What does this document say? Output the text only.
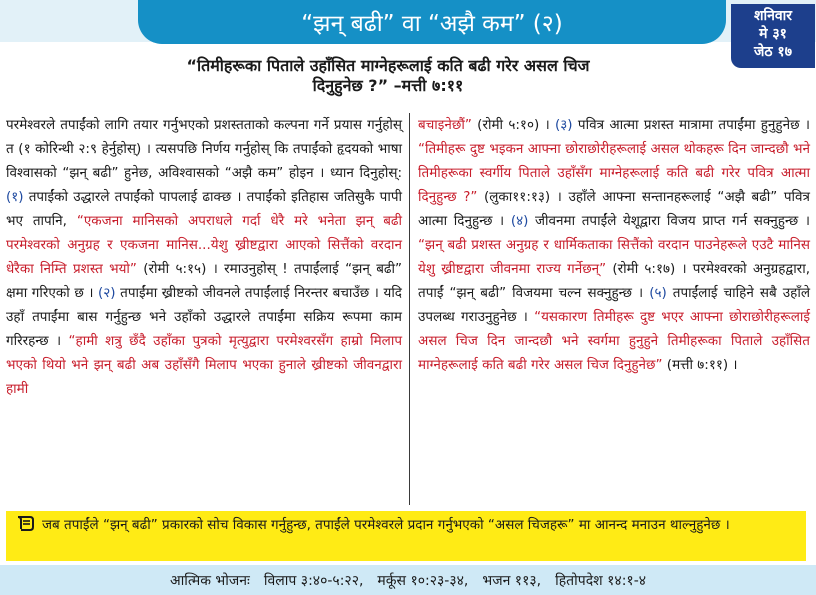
“झन् बढी” वा “अझै कम” (२)	शनिवार
मे ३१
जेठ १७
“तिमीहरूका पिताले उहाँसित माग्नेहरूलाई कति बढी गरेर असल चिज
दिनुहुनेछ ?” –मत्ती ७:११
परमेश्वरले तपाईंको लागि तयार गर्नुभएको प्रशस्तताको कल्पना गर्ने प्रयास गर्नुहोस् त (१ कोरिन्थी २:९ हेर्नुहोस्) । त्यसपछि निर्णय गर्नुहोस् कि तपाईंको हृदयको भाषा विश्वासको “झन् बढी” हुनेछ, अविश्वासको “अझै कम” होइन । ध्यान दिनुहोस्: (१) तपाईंको उद्धारले तपाईंको पापलाई ढाक्छ । तपाईंको इतिहास जतिसुकै पापी भए तापनि, “एकजना मानिसको अपराधले गर्दा धेरै मरे भनेता झन् बढी परमेश्वरको अनुग्रह र एकजना मानिस...येशु ख्रीष्टद्वारा आएको सित्तैंको वरदान धेरैका निम्ति प्रशस्त भयो” (रोमी ५:१५) । रमाउनुहोस् ! तपाईंलाई “झन् बढी” क्षमा गरिएको छ । (२) तपाईंमा ख्रीष्टको जीवनले तपाईंलाई निरन्तर बचाउँछ । यदि उहाँ तपाईंमा बास गर्नुहुन्छ भने उहाँको उद्धारले तपाईंमा सक्रिय रूपमा काम गरिरहन्छ । “हामी शत्रु छँदै उहाँका पुत्रको मृत्युद्वारा परमेश्वरसँग हाम्रो मिलाप भएको थियो भने झन् बढी अब उहाँसँगै मिलाप भएका हुनाले ख्रीष्टको जीवनद्वारा हामी
बचाइनेछौं” (रोमी ५:१०) । (३) पवित्र आत्मा प्रशस्त मात्रामा तपाईंमा हुनुहुनेछ । “तिमीहरू दुष्ट भइकन आफ्ना छोराछोरीहरूलाई असल थोकहरू दिन जान्दछौ भने तिमीहरूका स्वर्गीय पिताले उहाँसँग माग्नेहरूलाई कति बढी गरेर पवित्र आत्मा दिनुहुन्छ ?” (लुका११:१३) । उहाँले आफ्ना सन्तानहरूलाई “अझै बढी” पवित्र आत्मा दिनुहुन्छ । (४) जीवनमा तपाईंले येशूद्वारा विजय प्राप्त गर्न सक्नुहुन्छ । “झन् बढी प्रशस्त अनुग्रह र धार्मिकताका सित्तैंको वरदान पाउनेहरूले एउटै मानिस येशु ख्रीष्टद्वारा जीवनमा राज्य गर्नेछन्” (रोमी ५:१७) । परमेश्वरको अनुग्रहद्वारा, तपाईं “झन् बढी” विजयमा चल्न सक्नुहुन्छ । (५) तपाईंलाई चाहिने सबै उहाँले उपलब्ध गराउनुहुनेछ । “यसकारण तिमीहरू दुष्ट भएर आफ्ना छोराछोरीहरूलाई असल चिज दिन जान्दछौ भने स्वर्गमा हुनुहुने तिमीहरूका पिताले उहाँसित माग्नेहरूलाई कति बढी गरेर असल चिज दिनुहुनेछ” (मत्ती ७:११) ।
जब तपाईंले “झन् बढी” प्रकारको सोच विकास गर्नुहुन्छ, तपाईंले परमेश्वरले प्रदान गर्नुभएको “असल चिजहरू” मा आनन्द मनाउन थाल्नुहुनेछ ।
आत्मिक भोजनः विलाप ३:४०-५:२२, मर्कूस १०:२३-३४, भजन ११३, हितोपदेश १४:१-४
